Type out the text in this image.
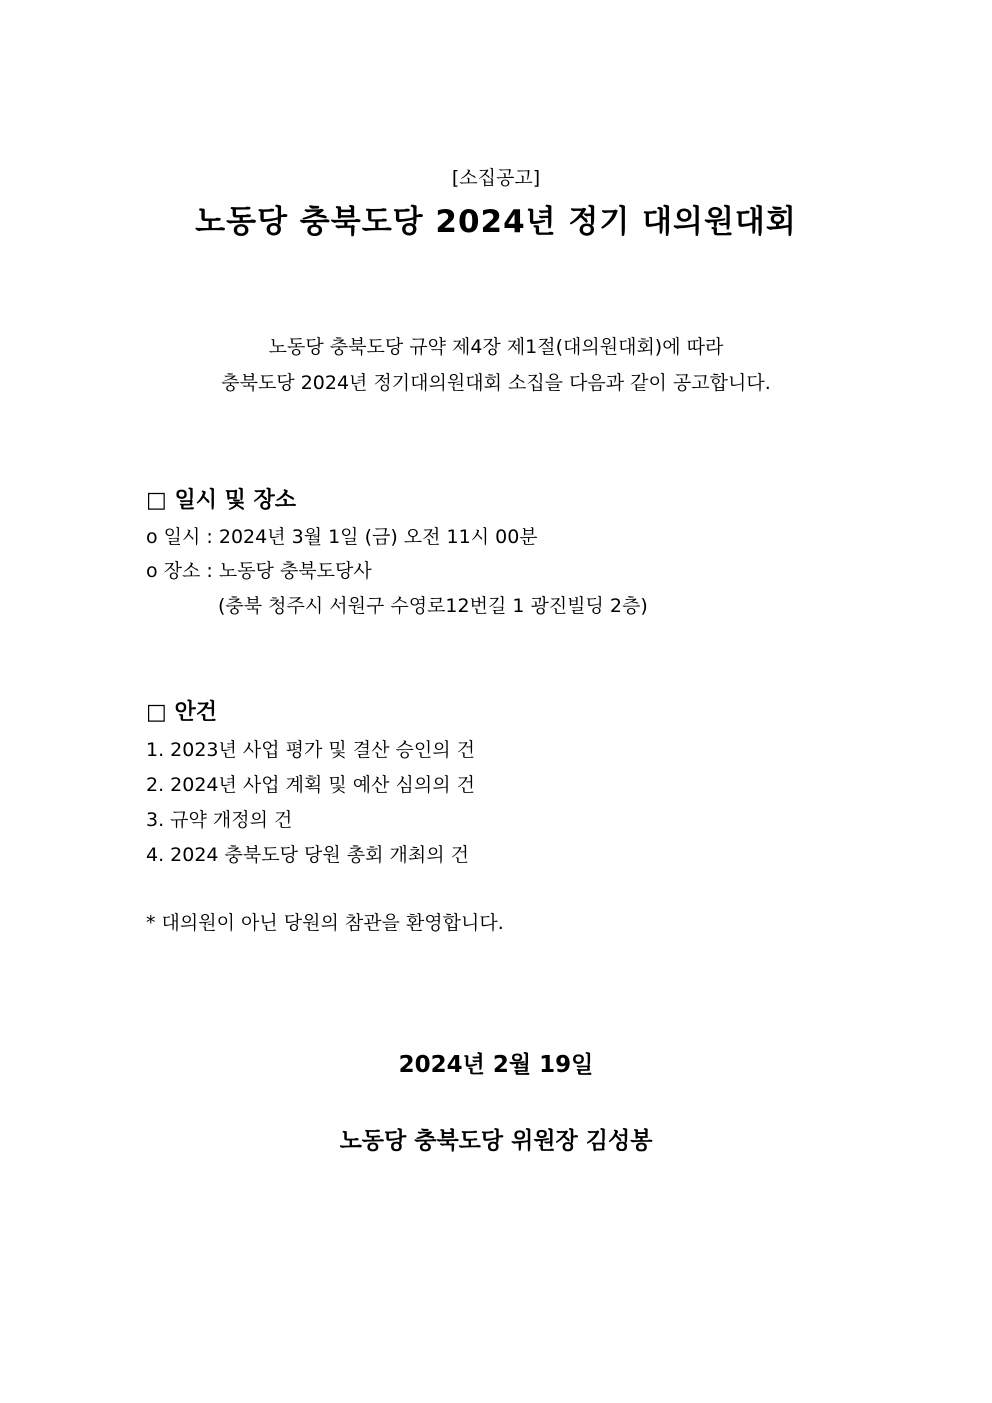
[소집공고]
노동당 충북도당 2024년 정기 대의원대회
노동당 충북도당 규약 제4장 제1절(대의원대회)에 따라
충북도당 2024년 정기대의원대회 소집을 다음과 같이 공고합니다.
□ 일시 및 장소
o 일시 : 2024년 3월 1일 (금) 오전 11시 00분
o 장소 : 노동당 충북도당사
(충북 청주시 서원구 수영로12번길 1 광진빌딩 2층)
□ 안건
1. 2023년 사업 평가 및 결산 승인의 건
2. 2024년 사업 계획 및 예산 심의의 건
3. 규약 개정의 건
4. 2024 충북도당 당원 총회 개최의 건
* 대의원이 아닌 당원의 참관을 환영합니다.
2024년 2월 19일
노동당 충북도당 위원장 김성봉
